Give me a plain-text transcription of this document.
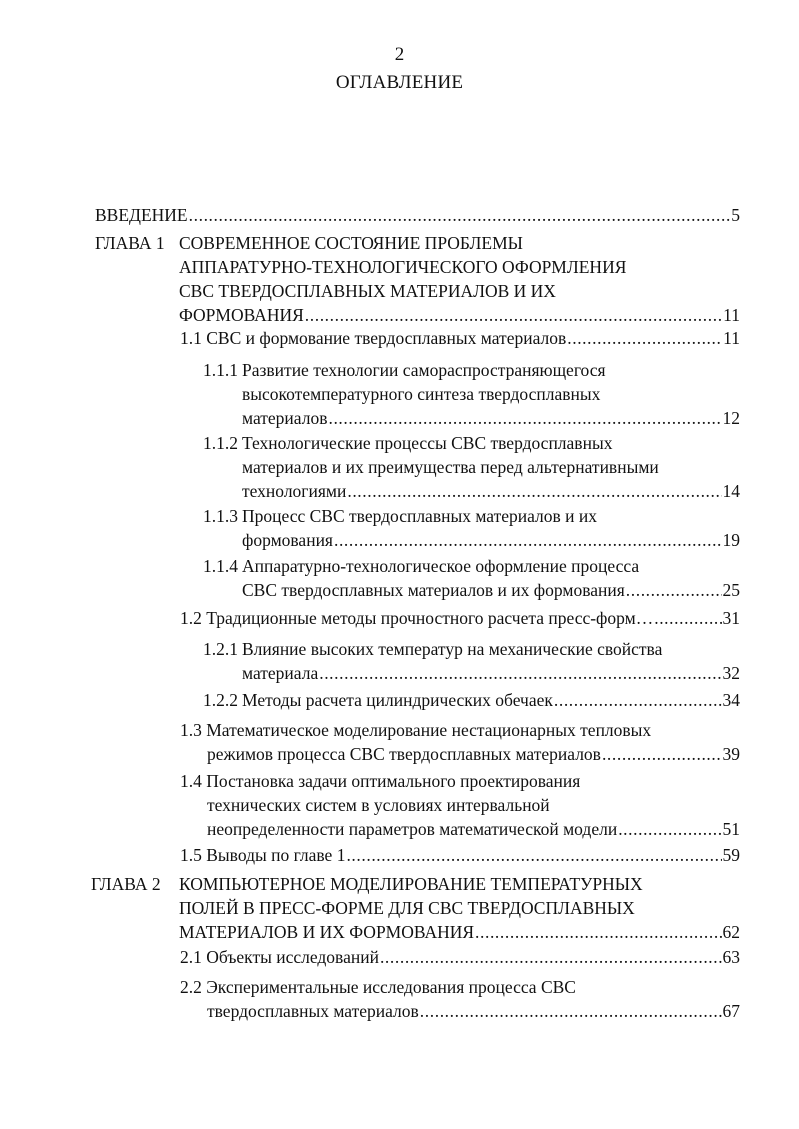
2
ОГЛАВЛЕНИЕ
ВВЕДЕНИЕ .....	5
ГЛАВА 1 СОВРЕМЕННОЕ СОСТОЯНИЕ ПРОБЛЕМЫ
АППАРАТУРНО-ТЕХНОЛОГИЧЕСКОГО ОФОРМЛЕНИЯ
СВС ТВЕРДОСПЛАВНЫХ МАТЕРИАЛОВ И ИХ
ФОРМОВАНИЯ .....	11
1.1 СВС и формование твердосплавных материалов .....	11
1.1.1 Развитие технологии самораспространяющегося
высокотемпературного синтеза твердосплавных
материалов .....	12
1.1.2 Технологические процессы СВС твердосплавных
материалов и их преимущества перед альтернативными
технологиями .....	14
1.1.3 Процесс СВС твердосплавных материалов и их
формования .....	19
1.1.4 Аппаратурно-технологическое оформление процесса
СВС твердосплавных материалов и их формования .....	25
1.2 Традиционные методы прочностного расчета пресс-форм… .....	31
1.2.1 Влияние высоких температур на механические свойства
материала .....	32
1.2.2 Методы расчета цилиндрических обечаек .....	34
1.3 Математическое моделирование нестационарных тепловых
режимов процесса СВС твердосплавных материалов .....	39
1.4 Постановка задачи оптимального проектирования
технических систем в условиях интервальной
неопределенности параметров математической модели .....	51
1.5 Выводы по главе 1 .....	59
ГЛАВА 2 КОМПЬЮТЕРНОЕ МОДЕЛИРОВАНИЕ ТЕМПЕРАТУРНЫХ
ПОЛЕЙ В ПРЕСС-ФОРМЕ ДЛЯ СВС ТВЕРДОСПЛАВНЫХ
МАТЕРИАЛОВ И ИХ ФОРМОВАНИЯ .....	62
2.1 Объекты исследований .....	63
2.2 Экспериментальные исследования процесса СВС
твердосплавных материалов .....	67
